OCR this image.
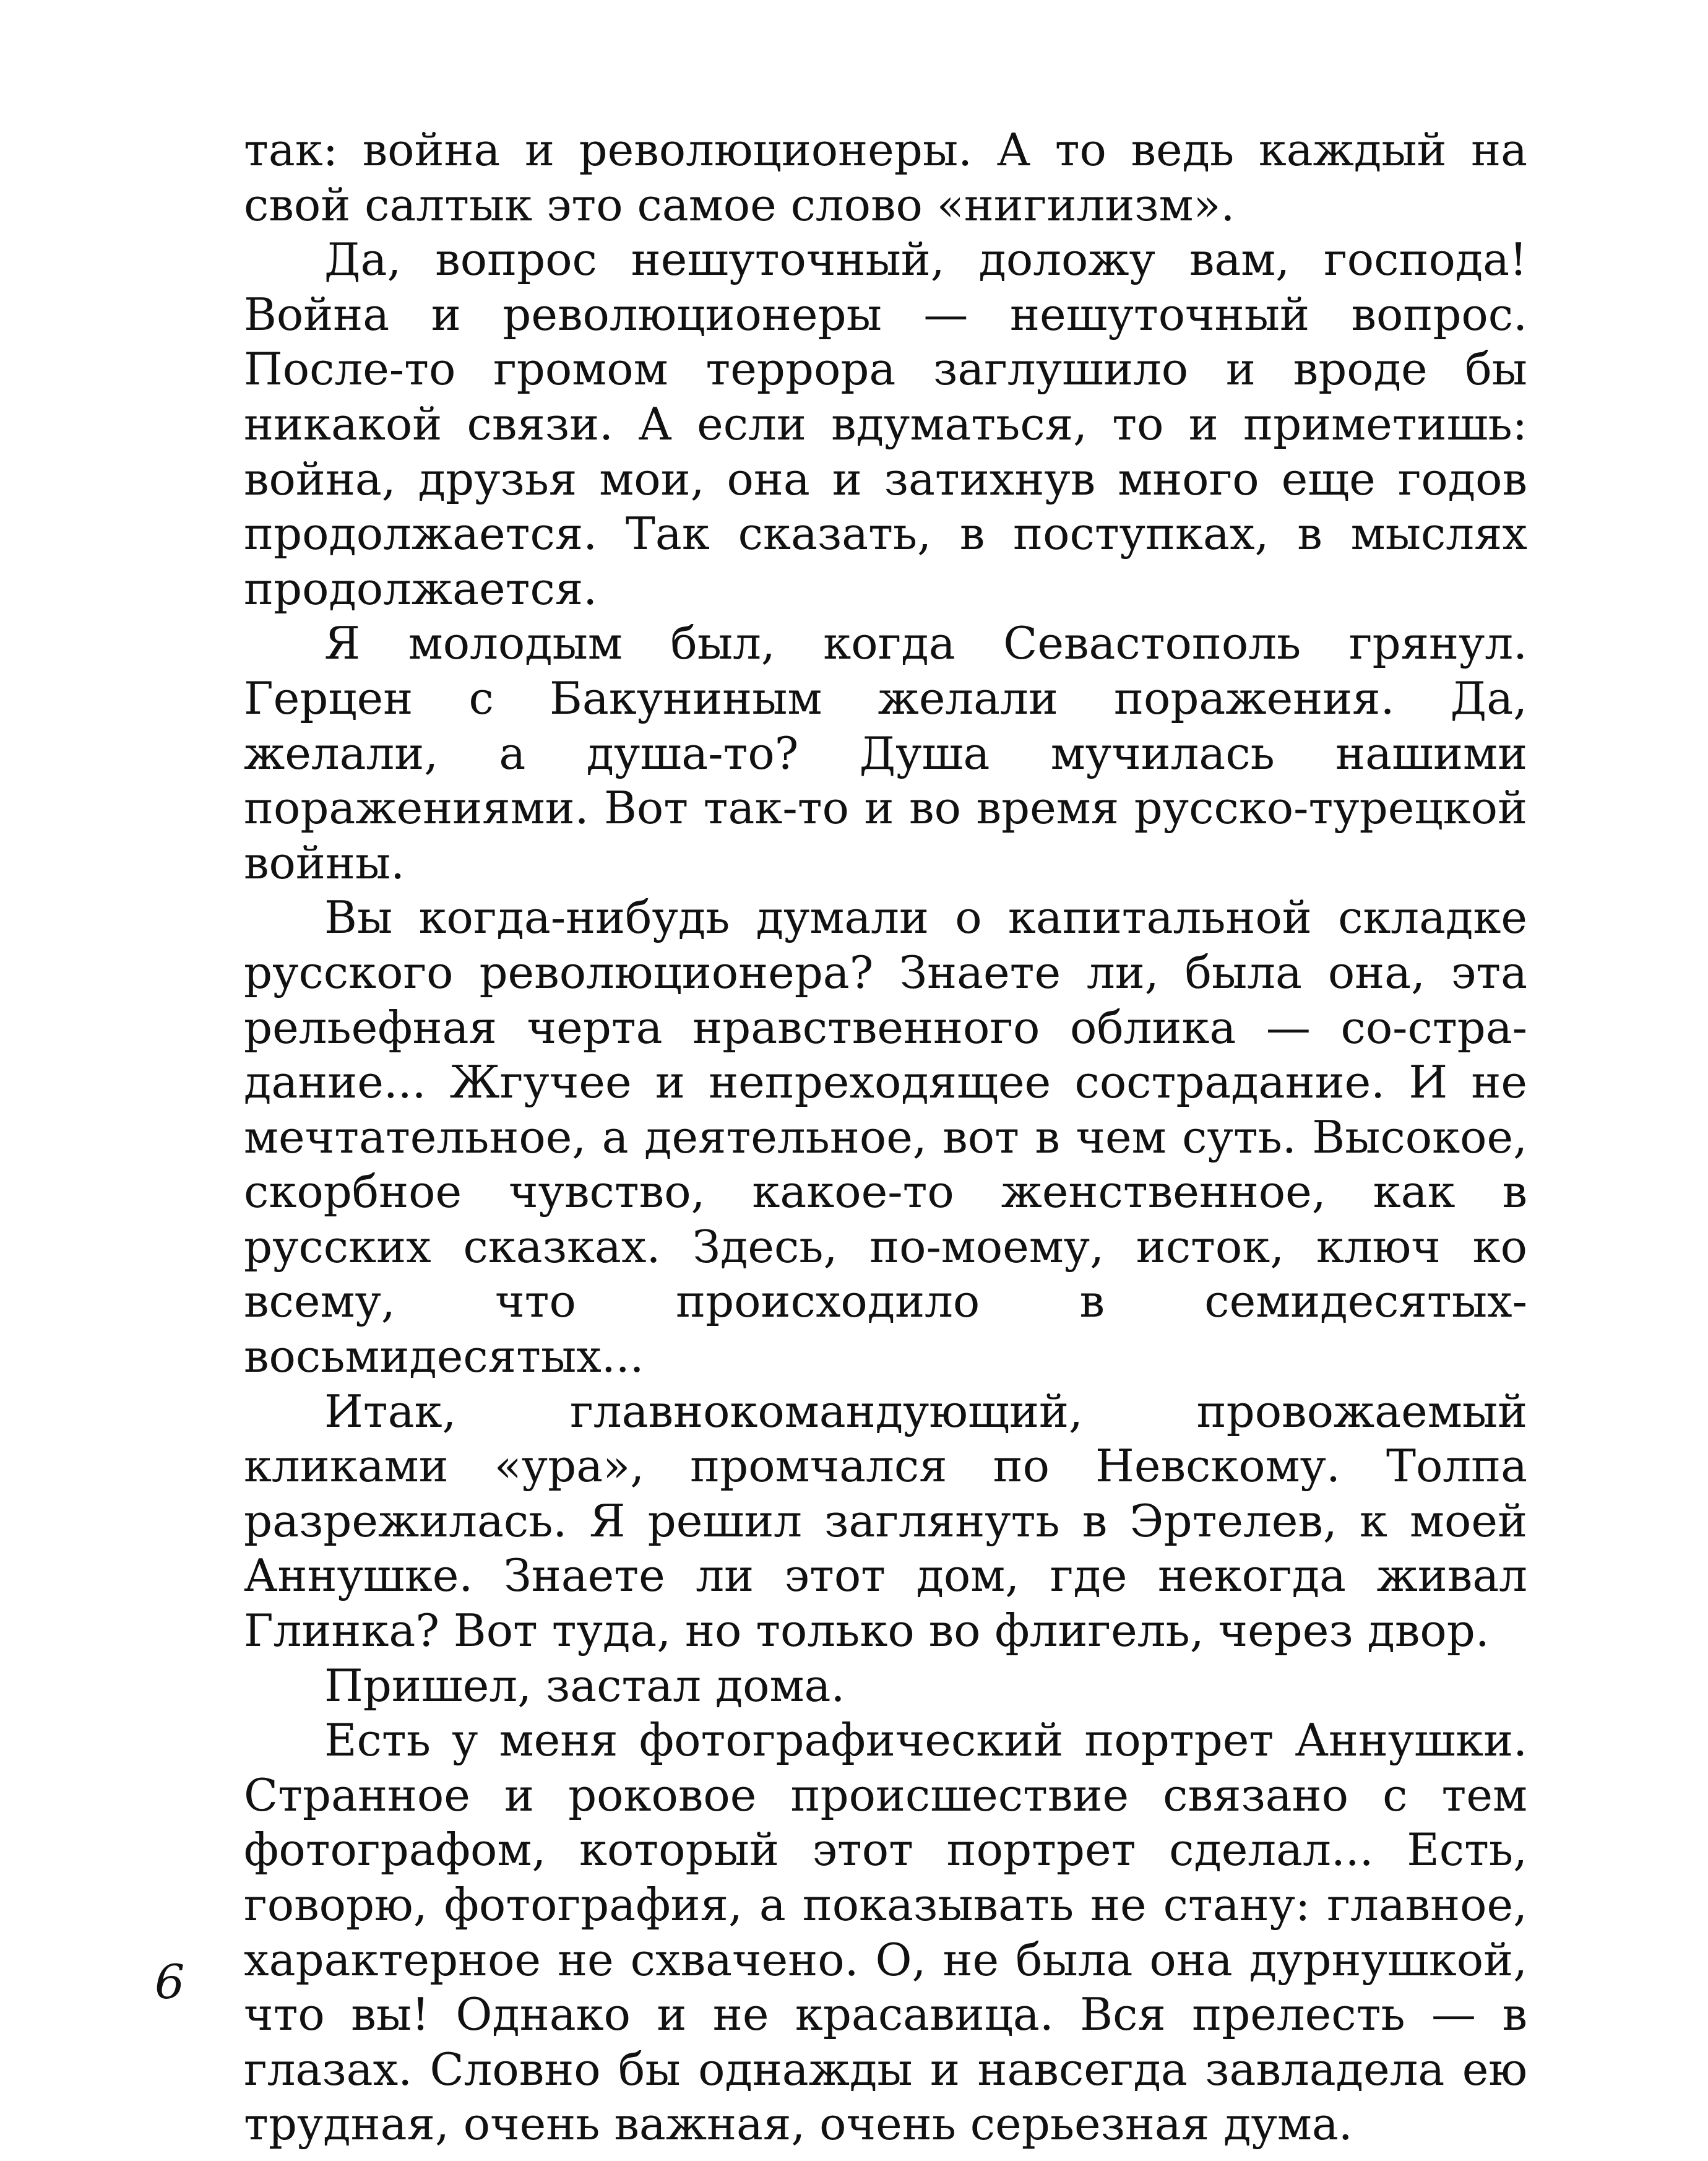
так: война и революционеры. А то ведь каждый на свой салтык это самое слово «нигилизм».

Да, вопрос нешуточный, доложу вам, господа! Война и революционеры — нешуточный вопрос. После-то громом террора заглушило и вроде бы никакой связи. А если вдуматься, то и приметишь: война, друзья мои, она и затихнув много еще годов продолжается. Так сказать, в поступках, в мыслях продолжается.

Я молодым был, когда Севастополь грянул. Герцен с Бакуниным желали поражения. Да, желали, а душа-то? Душа мучилась нашими поражениями. Вот так-то и во время русско-турецкой войны.

Вы когда-нибудь думали о капитальной складке русского революционера? Знаете ли, была она, эта рельефная черта нравственного облика — со-стра-дание... Жгучее и непреходящее сострадание. И не мечтательное, а деятельное, вот в чем суть. Высокое, скорбное чувство, какое-то женственное, как в русских сказках. Здесь, по-моему, исток, ключ ко всему, что происходило в семидесятых-восьмидесятых...

Итак, главнокомандующий, провожаемый кликами «ура», промчался по Невскому. Толпа разрежилась. Я решил заглянуть в Эртелев, к моей Аннушке. Знаете ли этот дом, где некогда живал Глинка? Вот туда, но только во флигель, через двор.

Пришел, застал дома.

Есть у меня фотографический портрет Аннушки. Странное и роковое происшествие связано с тем фотографом, который этот портрет сделал... Есть, говорю, фотография, а показывать не стану: главное, характерное не схвачено. О, не была она дурнушкой, что вы! Однако и не красавица. Вся прелесть — в глазах. Словно бы однажды и навсегда завладела ею трудная, очень важная, очень серьезная дума.

6
